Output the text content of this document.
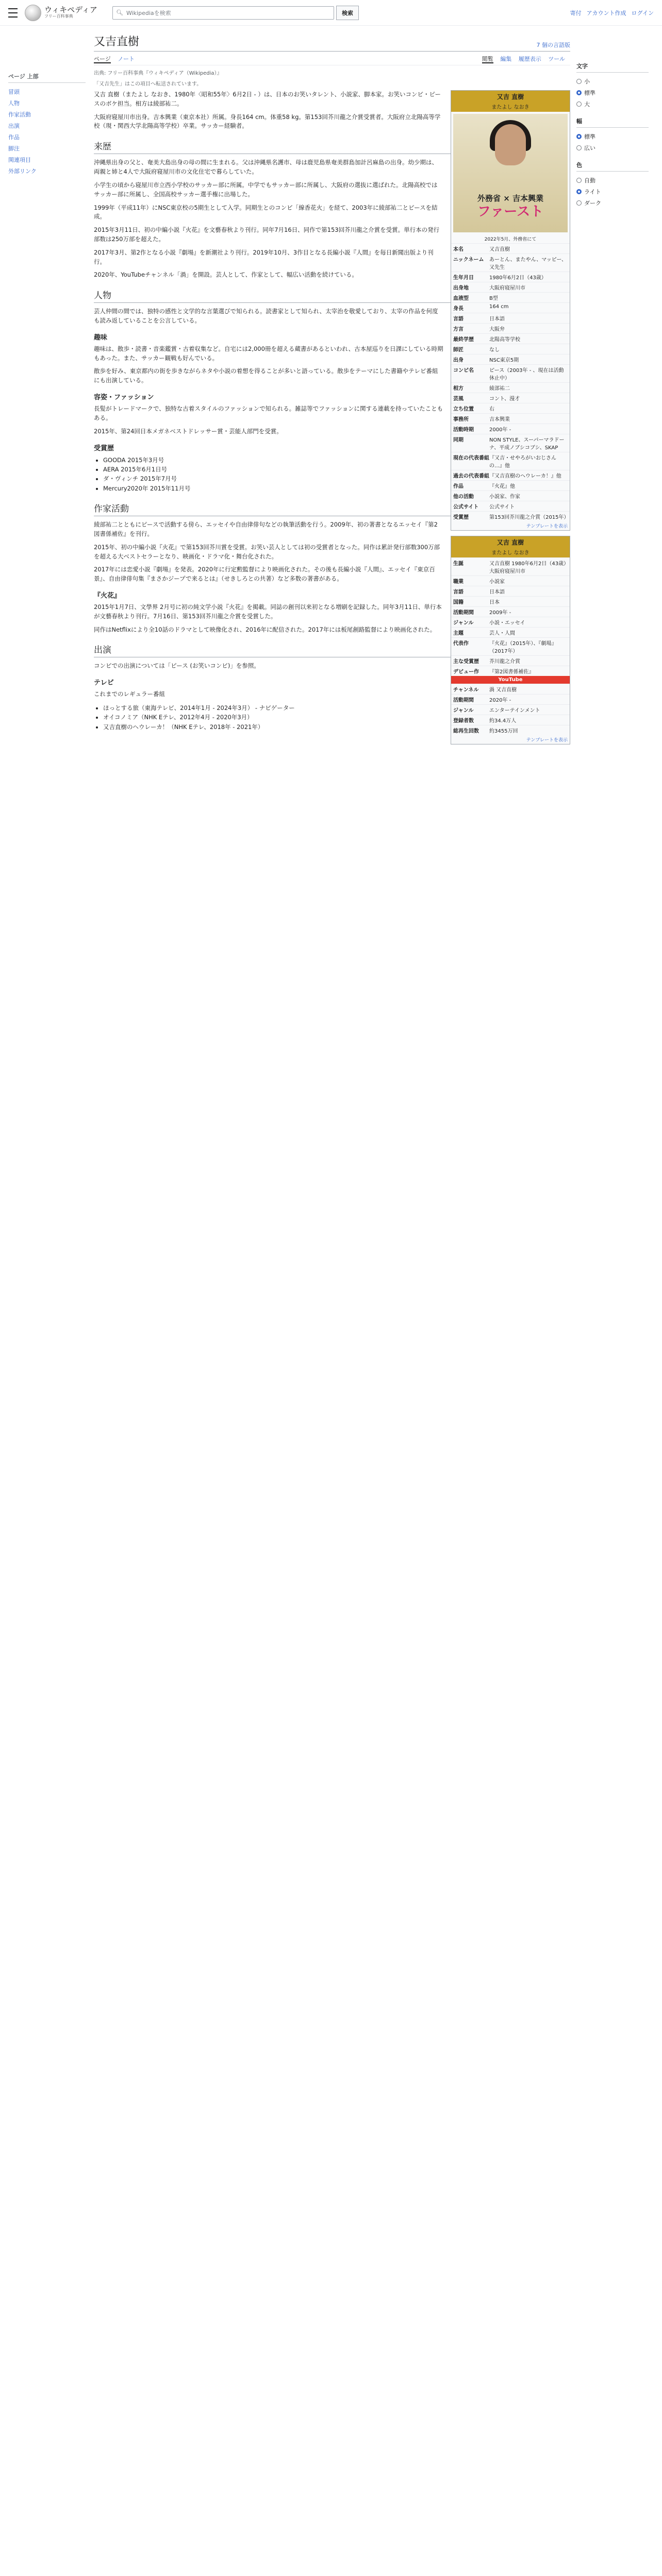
ウィキペディア
フリー百科事典
🔍︎ Wikipediaを検索	検索	寄付 アカウント作成 ログイン
ページ 上部
冒頭
人物
作家活動
出演
作品
脚注
関連項目
外部リンク
又吉直樹	7 個の言語版
ページ ノート	閲覧 編集 履歴表示 ツール
出典: フリー百科事典『ウィキペディア（Wikipedia）』
「又吉先生」はこの項目へ転送されています。
又吉 直樹
またよし なおき
外務省 × 吉本興業
ファースト
2022年5月、外務省にて
本名	又吉直樹
ニックネーム	あーとん、またやん、マッピー、又先生
生年月日	1980年6月2日（43歳）
出身地	大阪府寝屋川市
血液型	B型
身長	164 cm
言語	日本語
方言	大阪弁
最終学歴	北陽高等学校
師匠	なし
出身	NSC東京5期
コンビ名	ピース（2003年 - 、現在は活動休止中）
相方	綾部祐二
芸風	コント、漫才
立ち位置	右
事務所	吉本興業
活動時期	2000年 -
同期	NON STYLE、スーパーマラドーナ、平成ノブシコブシ、SKAP
現在の代表番組 『又吉・せやろがいおじさんの…』他
過去の代表番組 『又吉直樹のヘウレーカ！』他
作品	『火花』他
他の活動	小説家、作家
公式サイト	公式サイト
受賞歴	第153回芥川龍之介賞（2015年）
テンプレートを表示
又吉 直樹
またよし なおき
生誕	又吉直樹 1980年6月2日（43歳）大阪府寝屋川市
職業	小説家
言語	日本語
国籍	日本
活動期間	2009年 -
ジャンル	小説・エッセイ
主題	芸人・人間
代表作	『火花』（2015年）、『劇場』（2017年）
主な受賞歴	芥川龍之介賞
デビュー作	『第2図書係補佐』
YouTube
チャンネル	渦 又吉直樹
活動期間	2020年 -
ジャンル	エンターテインメント
登録者数	約34.4万人
総再生回数	約3455万回
テンプレートを表示

又吉 直樹（またよし なおき、1980年〈昭和55年〉6月2日 - ）は、日本のお笑いタレント、小説家、脚本家。お笑いコンビ・ピースのボケ担当。相方は綾部祐二。

大阪府寝屋川市出身。吉本興業（東京本社）所属。身長164 cm。体重58 kg。第153回芥川龍之介賞受賞者。大阪府立北陽高等学校（現・関西大学北陽高等学校）卒業。サッカー経験者。

来歴

沖縄県出身の父と、奄美大島出身の母の間に生まれる。父は沖縄県名護市、母は鹿児島県奄美群島加計呂麻島の出身。幼少期は、両親と姉と4人で大阪府寝屋川市の文化住宅で暮らしていた。

小学生の頃から寝屋川市立西小学校のサッカー部に所属。中学でもサッカー部に所属し、大阪府の選抜に選ばれた。北陽高校ではサッカー部に所属し、全国高校サッカー選手権に出場した。

1999年（平成11年）にNSC東京校の5期生として入学。同期生とのコンビ「線香花火」を経て、2003年に綾部祐二とピースを結成。

2015年3月11日、初の中編小説『火花』を文藝春秋より刊行。同年7月16日、同作で第153回芥川龍之介賞を受賞。単行本の発行部数は250万部を超えた。

2017年3月、第2作となる小説『劇場』を新潮社より刊行。2019年10月、3作目となる長編小説『人間』を毎日新聞出版より刊行。

2020年、YouTubeチャンネル「渦」を開設。芸人として、作家として、幅広い活動を続けている。

人物

芸人仲間の間では、独特の感性と文学的な言葉選びで知られる。読書家として知られ、太宰治を敬愛しており、太宰の作品を何度も読み返していることを公言している。

趣味

趣味は、散歩・読書・音楽鑑賞・古着収集など。自宅には2,000冊を超える蔵書があるといわれ、古本屋巡りを日課にしている時期もあった。また、サッカー観戦も好んでいる。

散歩を好み、東京都内の街を歩きながらネタや小説の着想を得ることが多いと語っている。散歩をテーマにした書籍やテレビ番組にも出演している。

容姿・ファッション

長髪がトレードマークで、独特な古着スタイルのファッションで知られる。雑誌等でファッションに関する連載を持っていたこともある。

2015年、第24回日本メガネベストドレッサー賞・芸能人部門を受賞。

受賞歴
• GOODA 2015年3月号
• AERA 2015年6月1日号
• ダ・ヴィンチ 2015年7月号
• Mercury2020年 2015年11月号
作家活動

綾部祐二とともにピースで活動する傍ら、エッセイや自由律俳句などの執筆活動を行う。2009年、初の著書となるエッセイ『第2図書係補佐』を刊行。

2015年、初の中編小説『火花』で第153回芥川賞を受賞。お笑い芸人としては初の受賞者となった。同作は累計発行部数300万部を超える大ベストセラーとなり、映画化・ドラマ化・舞台化された。

2017年には恋愛小説『劇場』を発表。2020年に行定勲監督により映画化された。その後も長編小説『人間』、エッセイ『東京百景』、自由律俳句集『まさかジープで来るとは』（せきしろとの共著）など多数の著書がある。

『火花』

2015年1月7日、文學界 2月号に初の純文学小説『火花』を掲載。同誌の創刊以来初となる増刷を記録した。同年3月11日、単行本が文藝春秋より刊行。7月16日、第153回芥川龍之介賞を受賞した。

同作はNetflixにより全10話のドラマとして映像化され、2016年に配信された。2017年には板尾創路監督により映画化された。

出演

コンビでの出演については「ピース (お笑いコンビ)」を参照。

テレビ

これまでのレギュラー番組

• ほっとする旅（東海テレビ、2014年1月 - 2024年3月） - ナビゲーター
• オイコノミア（NHK Eテレ、2012年4月 - 2020年3月）
• 又吉直樹のヘウレーカ！（NHK Eテレ、2018年 - 2021年）
文字
小
標準
大
幅
標準
広い
色
自動
ライト
ダーク
